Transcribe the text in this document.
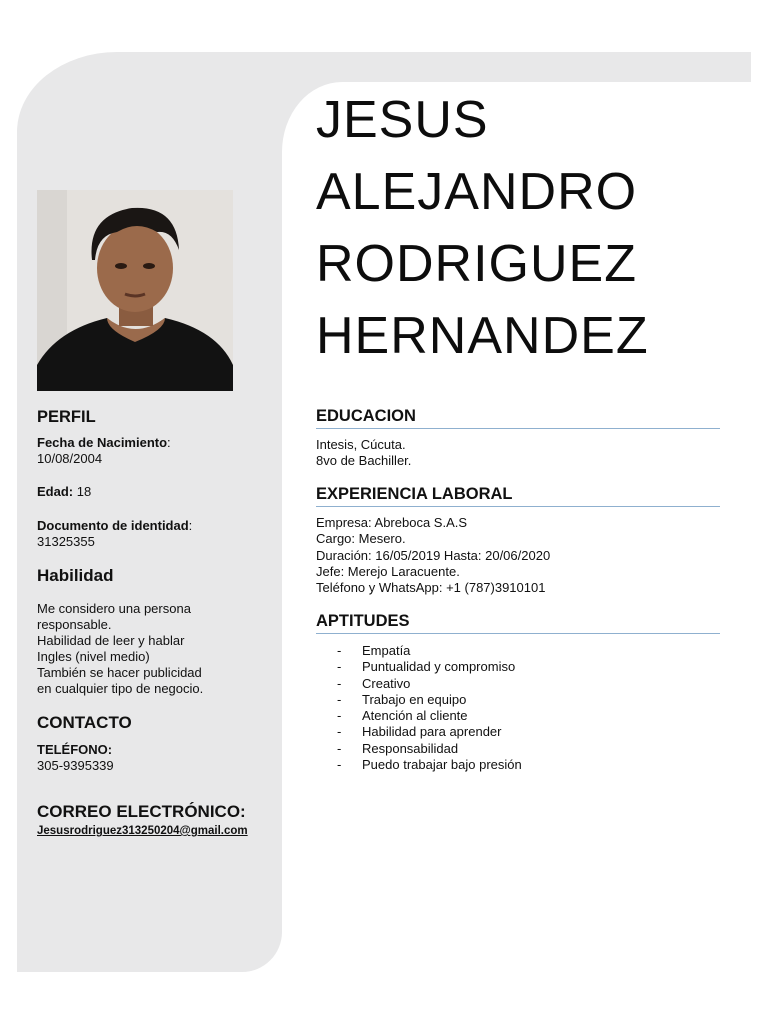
JESUS
ALEJANDRO
RODRIGUEZ
HERNANDEZ
PERFIL
Fecha de Nacimiento:
10/08/2004
Edad: 18
Documento de identidad:
31325355
Habilidad
Me considero una persona
responsable.
Habilidad de leer y hablar
Ingles (nivel medio)
También se hacer publicidad
en cualquier tipo de negocio.
CONTACTO
TELÉFONO:
305-9395339
CORREO ELECTRÓNICO:
Jesusrodriguez313250204@gmail.com
EDUCACION
Intesis, Cúcuta.
8vo de Bachiller.
EXPERIENCIA LABORAL
Empresa: Abreboca S.A.S
Cargo: Mesero.
Duración: 16/05/2019 Hasta: 20/06/2020
Jefe: Merejo Laracuente.
Teléfono y WhatsApp: +1 (787)3910101
APTITUDES
- Empatía
- Puntualidad y compromiso
- Creativo
- Trabajo en equipo
- Atención al cliente
- Habilidad para aprender
- Responsabilidad
- Puedo trabajar bajo presión
